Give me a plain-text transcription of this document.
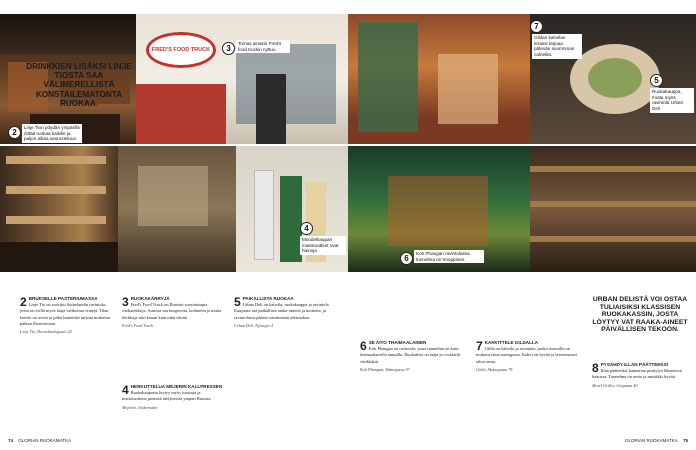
DRINKKIEN LISÄKSI LINJE TIOSTA SAA VÄLIMERELLISTÄ KONSTAILEMATONTA RUOKAA.
FRED'S FOOD TRUCK
2
Linje Tion pöydän ympärillä riittää ruokaa kaikille ja paljon aikaa seurusteluun.
3
Tomas ainakin Fred's food truckin nyttuu
4
Moodelkaupan maitotuotteet ovat hienoja
5
Ruokakauppa, mutta myös ravintola Urban Deli
6
Koh Phangan ravintolassa tunnelma on trooppinen.
7
Gildan kahvilan terassi tarjoaa pätevän suurimman cafeelliä.
2 BRUKSELLE PASTERIUMASSA

Linje Tio on suosittu Söderlandin ravintola, jossa on esillä myös laaja valikoima viinejä. Tilan keittiö on avoin ja pitkä baaritiski tarjoaa mukavan paikan illanviettoon.

Linje Tio, Hornsbruksgatan 24
3 RUOKAKÄRRYJÄ

Fred's Food Truck on Ruotsin suosituimpia ruokarekkoja. Autosta saa burgereita, hodareita ja muita herkkuja niin kauan kuin niitä riittää.

Fred's Food Truck
4 HERKUTTELUA MEJERIN KALLPRESSEN

Ruokakaupasta löytyy myös juustoja ja maitotuotteita pienistä meijereistä ympäri Ruotsia.

Mejeriet, Södermalm
5 PAIKALLISTA RUOKAA

Urban Deli on kahvila, ruokakauppa ja ravintola. Kaupasta saa paikallisia raaka-aineita ja tuotteita, ja ravintolassa pääsee nauttimaan arkiruokaa.

Urban Deli, Nytorget 4
6 SE AITO THAIMAALAINEN

Koh Phangan on ravintola, jossa tunnelma on kuin thaimaalaisella rannalla. Ruokalista on laaja ja cocktailit värikkäitä.

Koh Phangan, Skånegatan 57
7 KAHVITTELE GILDALLA

Gilda on kahvila ja ravintola, jonka terassilla on mukava istua auringossa. Kahvi on hyvää ja leivonnaiset talon omia.

Gilda, Skånegatan 79
URBAN DELISTÄ VOI OSTAA TULIAISIKSI KLASSISEN RUOKAKASSIN, JOSTA LÖYTYY VAT RAAKA-AINEET PÄIVÄLLISEN TEKOON.
8 PYSÄHDY ILLAN PÄÄTTEEKSI

Illan päätteeksi kannattaa pistäytyä läheisessä baarissa. Tunnelma on rento ja musiikki hyvää.

Morel Griller, Götgatan 40
74 GLORIAN RUOKAMATKA	GLORIAN RUOKAMATKA 75
